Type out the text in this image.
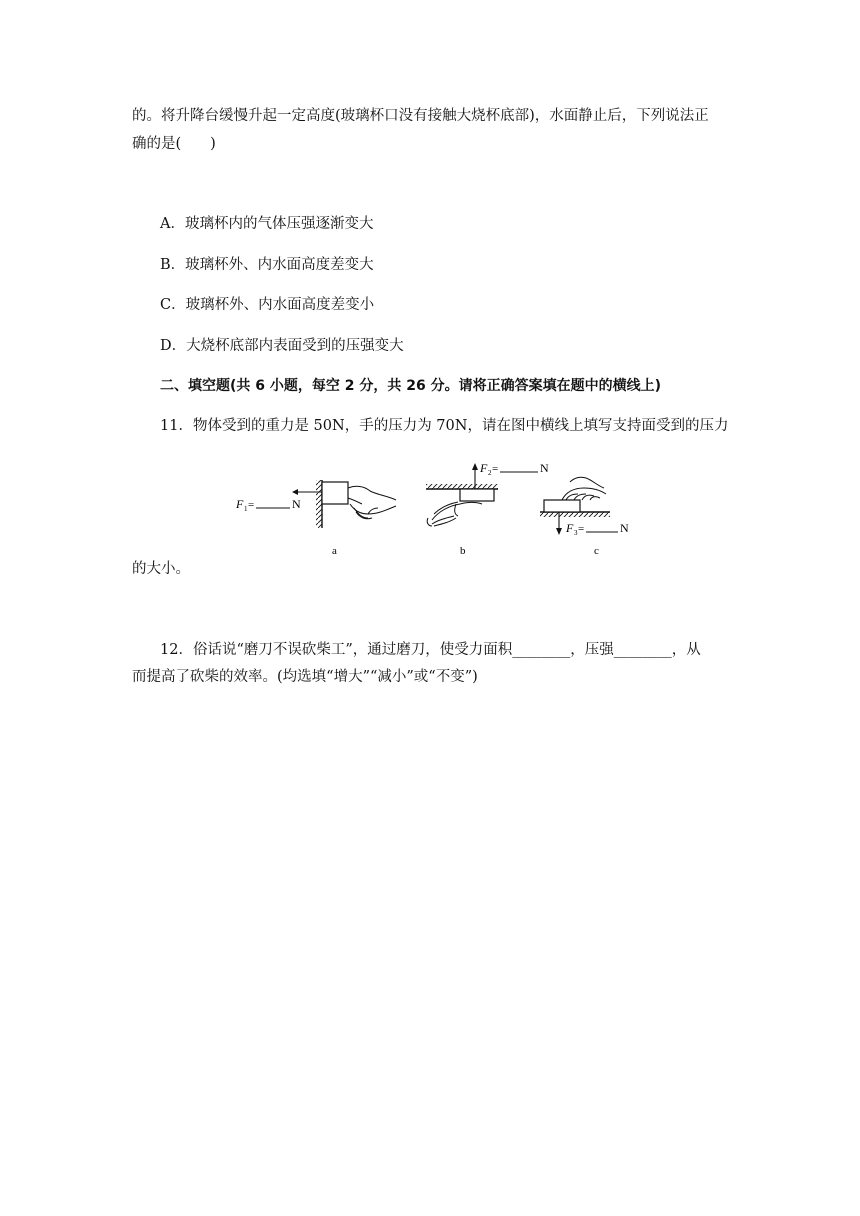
的。将升降台缓慢升起一定高度(玻璃杯口没有接触大烧杯底部)，水面静止后，下列说法正
确的是(　　)
A．玻璃杯内的气体压强逐渐变大
B．玻璃杯外、内水面高度差变大
C．玻璃杯外、内水面高度差变小
D．大烧杯底部内表面受到的压强变大
二、填空题(共 6 小题，每空 2 分，共 26 分。请将正确答案填在题中的横线上)
11．物体受到的重力是 50N，手的压力为 70N，请在图中横线上填写支持面受到的压力
F 1 =	N
a
F 2 =	N
b
F 3 =	N
c
的大小。
12．俗话说“磨刀不误砍柴工”，通过磨刀，使受力面积________，压强________，从
而提高了砍柴的效率。(均选填“增大”“减小”或“不变”)
